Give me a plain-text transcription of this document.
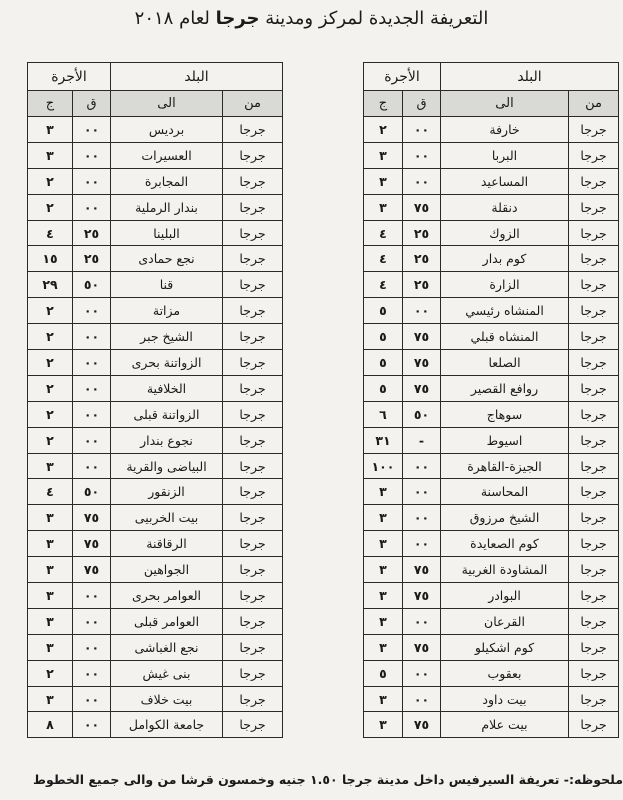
التعريفة الجديدة لمركز ومدينة جرجا لعام ٢٠١٨
البلد		الأجرة	
من	الى	ق	ج
جرجا	خارفة	٠٠	٢
جرجا	البربا	٠٠	٣
جرجا	المساعيد	٠٠	٣
جرجا	دنقلة	٧٥	٣
جرجا	الزوك	٢٥	٤
جرجا	كوم بدار	٢٥	٤
جرجا	الزارة	٢٥	٤
جرجا	المنشاه رئيسي	٠٠	٥
جرجا	المنشاه قبلي	٧٥	٥
جرجا	الصلعا	٧٥	٥
جرجا	روافع القصير	٧٥	٥
جرجا	سوهاج	٥٠	٦
جرجا	اسيوط	-	٣١
جرجا	الجيزة-القاهرة	٠٠	١٠٠
جرجا	المحاسنة	٠٠	٣
جرجا	الشيخ مرزوق	٠٠	٣
جرجا	كوم الصعايدة	٠٠	٣
جرجا	المشاودة الغربية	٧٥	٣
جرجا	البوادر	٧٥	٣
جرجا	القرعان	٠٠	٣
جرجا	كوم اشكيلو	٧٥	٣
جرجا	بعقوب	٠٠	٥
جرجا	بيت داود	٠٠	٣
جرجا	بيت علام	٧٥	٣
البلد		الأجرة	
من	الى	ق	ج
جرجا	برديس	٠٠	٣
جرجا	العسيرات	٠٠	٣
جرجا	المجابرة	٠٠	٢
جرجا	بندار الرملية	٠٠	٢
جرجا	البلينا	٢٥	٤
جرجا	نجع حمادى	٢٥	١٥
جرجا	قنا	٥٠	٢٩
جرجا	مزاتة	٠٠	٢
جرجا	الشيخ جبر	٠٠	٢
جرجا	الزواتنة بحرى	٠٠	٢
جرجا	الخلافية	٠٠	٢
جرجا	الزواتنة قبلى	٠٠	٢
جرجا	نجوع بندار	٠٠	٢
جرجا	البياضى والقرية	٠٠	٣
جرجا	الزنقور	٥٠	٤
جرجا	بيت الخربيى	٧٥	٣
جرجا	الرقاقنة	٧٥	٣
جرجا	الجواهين	٧٥	٣
جرجا	العوامر بحرى	٠٠	٣
جرجا	العوامر قبلى	٠٠	٣
جرجا	نجع الغباشى	٠٠	٣
جرجا	بنى غيش	٠٠	٢
جرجا	بيت خلاف	٠٠	٣
جرجا	جامعة الكوامل	٠٠	٨
ملحوظه:- تعريفة السيرفيس داخل مدينة جرجا ١.٥٠ جنيه وخمسون قرشا من والى جميع الخطوط
